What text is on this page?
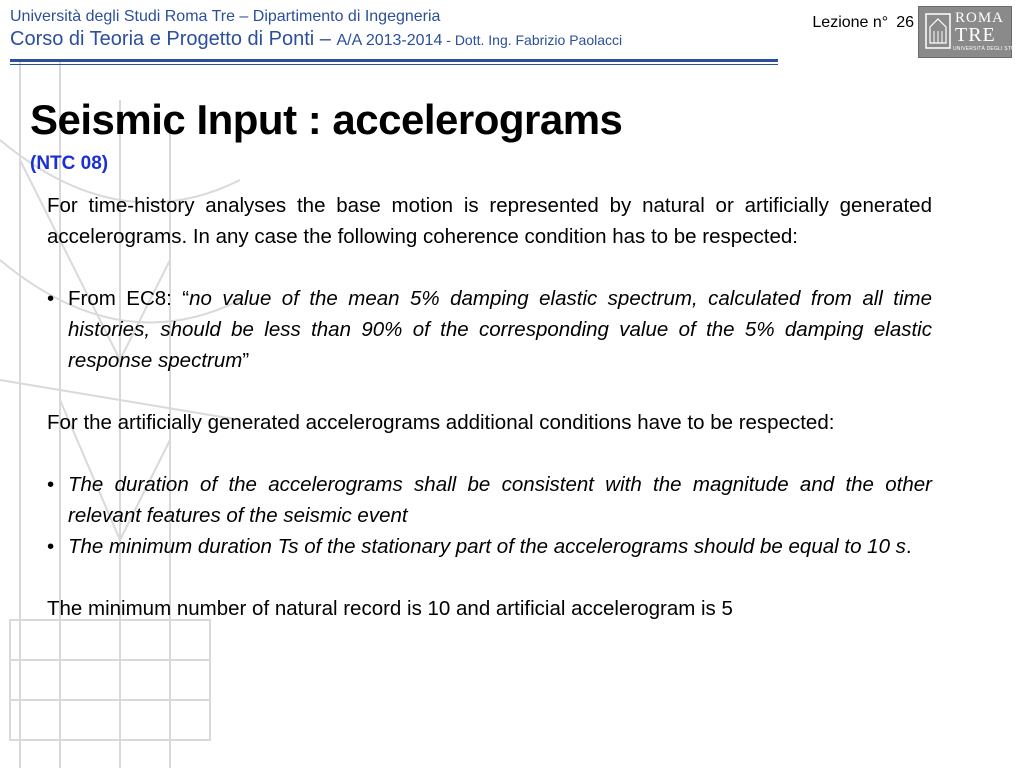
Università degli Studi Roma Tre – Dipartimento di Ingegneria
Corso di Teoria e Progetto di Ponti – A/A 2013-2014 - Dott. Ing. Fabrizio Paolacci
Lezione n° 26	ROMA
TRE
UNIVERSITÀ DEGLI STUDI
Seismic Input : accelerograms
(NTC 08)

For time-history analyses the base motion is represented by natural or artificially generated accelerograms. In any case the following coherence condition has to be respected:

• From EC8: “no value of the mean 5% damping elastic spectrum, calculated from all time histories, should be less than 90% of the corresponding value of the 5% damping elastic response spectrum”

For the artificially generated accelerograms additional conditions have to be respected:

• The duration of the accelerograms shall be consistent with the magnitude and the other relevant features of the seismic event
• The minimum duration Ts of the stationary part of the accelerograms should be equal to 10 s.

The minimum number of natural record is 10 and artificial accelerogram is 5
